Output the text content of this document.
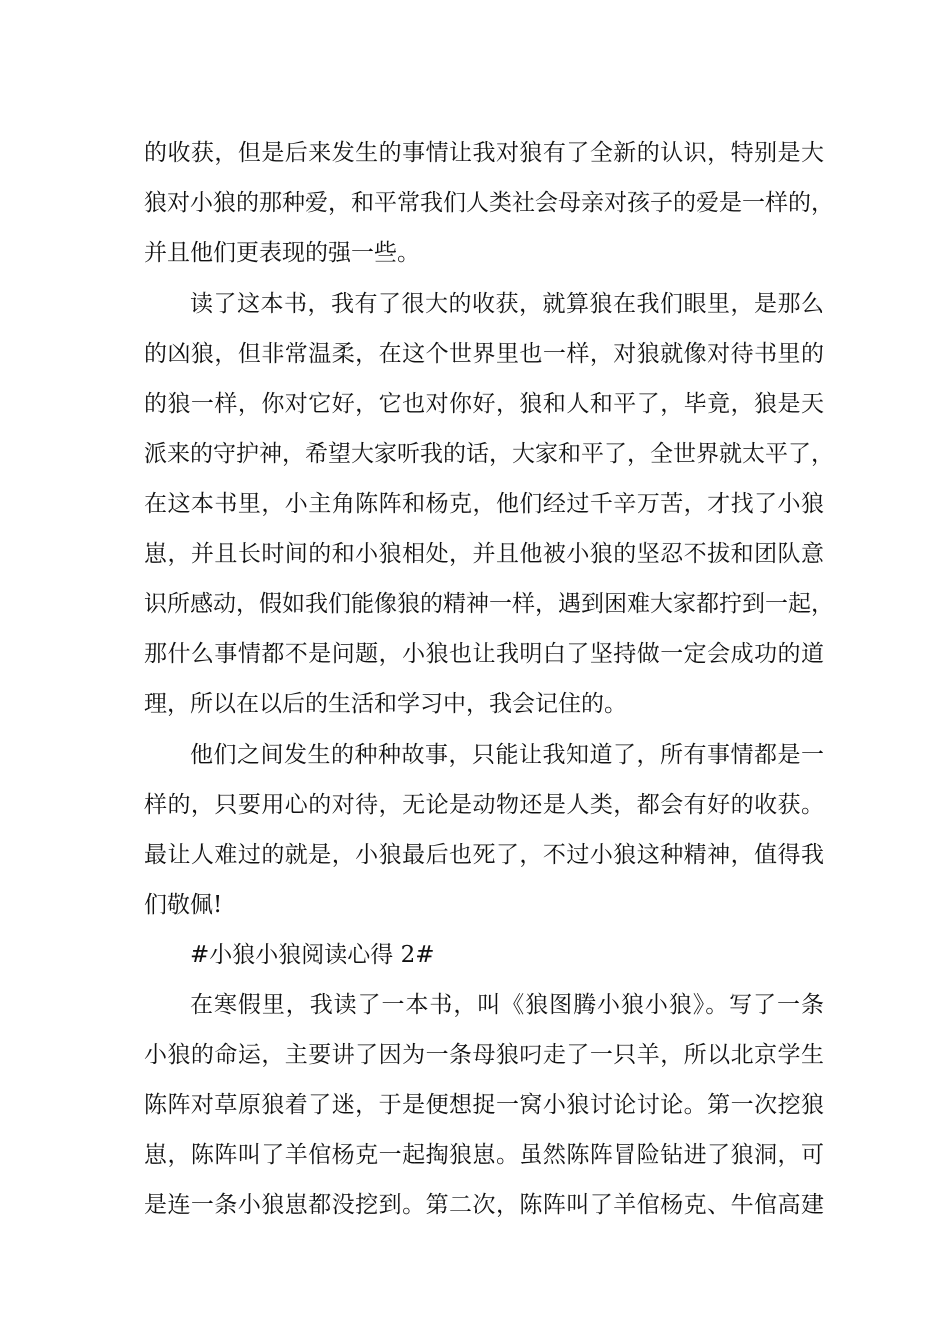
的收获，但是后来发生的事情让我对狼有了全新的认识，特别是大
狼对小狼的那种爱，和平常我们人类社会母亲对孩子的爱是一样的，
并且他们更表现的强一些。
读了这本书，我有了很大的收获，就算狼在我们眼里，是那么
的凶狼，但非常温柔，在这个世界里也一样，对狼就像对待书里的
的狼一样，你对它好，它也对你好，狼和人和平了，毕竟，狼是天
派来的守护神，希望大家听我的话，大家和平了，全世界就太平了，
在这本书里，小主角陈阵和杨克，他们经过千辛万苦，才找了小狼
崽，并且长时间的和小狼相处，并且他被小狼的坚忍不拔和团队意
识所感动，假如我们能像狼的精神一样，遇到困难大家都拧到一起，
那什么事情都不是问题，小狼也让我明白了坚持做一定会成功的道
理，所以在以后的生活和学习中，我会记住的。
他们之间发生的种种故事，只能让我知道了，所有事情都是一
样的，只要用心的对待，无论是动物还是人类，都会有好的收获。
最让人难过的就是，小狼最后也死了，不过小狼这种精神，值得我
们敬佩!
#小狼小狼阅读心得 2#
在寒假里，我读了一本书，叫《狼图腾小狼小狼》。写了一条
小狼的命运，主要讲了因为一条母狼叼走了一只羊，所以北京学生
陈阵对草原狼着了迷，于是便想捉一窝小狼讨论讨论。第一次挖狼
崽，陈阵叫了羊倌杨克一起掏狼崽。虽然陈阵冒险钻进了狼洞，可
是连一条小狼崽都没挖到。第二次，陈阵叫了羊倌杨克、牛倌高建
